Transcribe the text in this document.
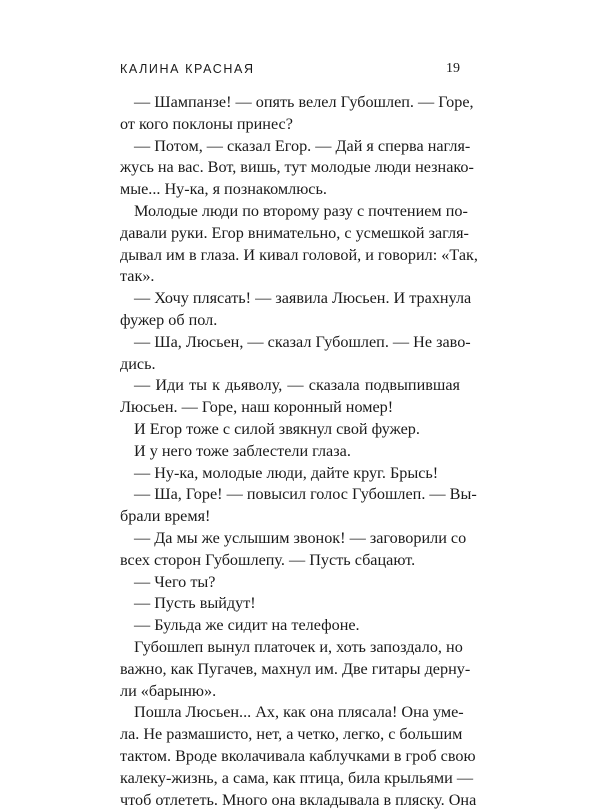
КАЛИНА КРАСНАЯ	19
— Шампанзе! — опять велел Губошлеп. — Горе,
от кого поклоны принес?
— Потом, — сказал Егор. — Дай я сперва нагля-
жусь на вас. Вот, вишь, тут молодые люди незнако-
мые... Ну-ка, я познакомлюсь.
Молодые люди по второму разу с почтением по-
давали руки. Егор внимательно, с усмешкой загля-
дывал им в глаза. И кивал головой, и говорил: «Так,
так».
— Хочу плясать! — заявила Люсьен. И трахнула
фужер об пол.
— Ша, Люсьен, — сказал Губошлеп. — Не заво-
дись.
— Иди ты к дьяволу, — сказала подвыпившая
Люсьен. — Горе, наш коронный номер!
И Егор тоже с силой звякнул свой фужер.
И у него тоже заблестели глаза.
— Ну-ка, молодые люди, дайте круг. Брысь!
— Ша, Горе! — повысил голос Губошлеп. — Вы-
брали время!
— Да мы же услышим звонок! — заговорили со
всех сторон Губошлепу. — Пусть сбацают.
— Чего ты?
— Пусть выйдут!
— Бульда же сидит на телефоне.
Губошлеп вынул платочек и, хоть запоздало, но
важно, как Пугачев, махнул им. Две гитары дерну-
ли «барыню».
Пошла Люсьен... Ах, как она плясала! Она уме-
ла. Не размашисто, нет, а четко, легко, с большим
тактом. Вроде вколачивала каблучками в гроб свою
калеку-жизнь, а сама, как птица, била крыльями —
чтоб отлететь. Много она вкладывала в пляску. Она
